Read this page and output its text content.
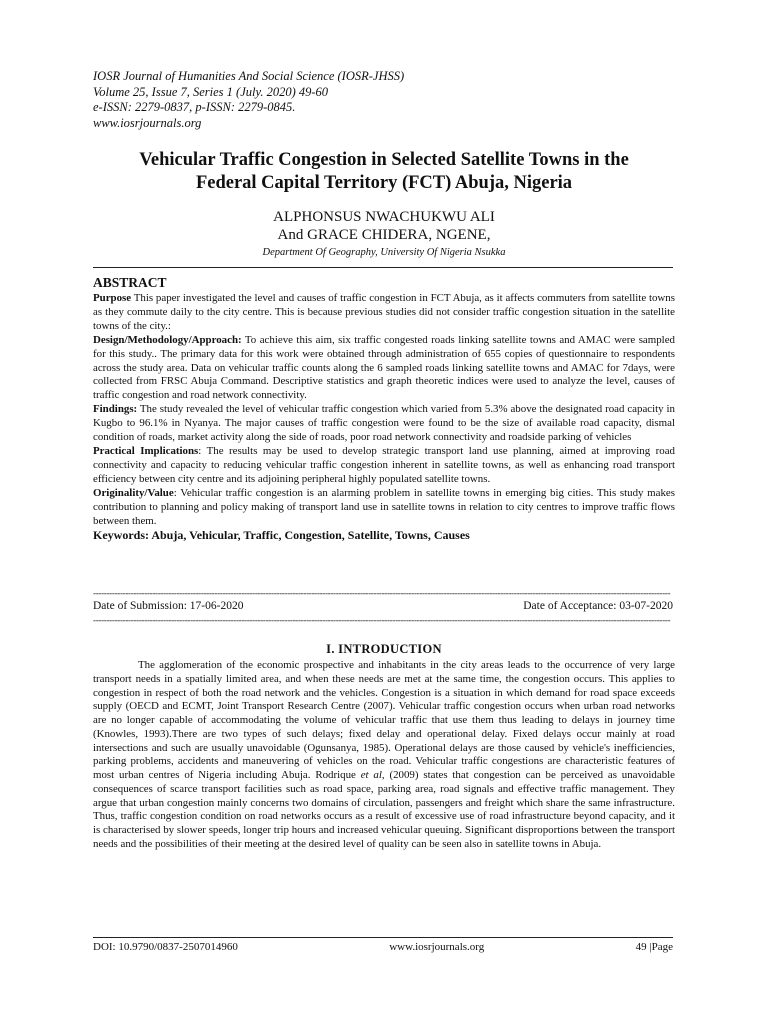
IOSR Journal of Humanities And Social Science (IOSR-JHSS)
Volume 25, Issue 7, Series 1 (July. 2020) 49-60
e-ISSN: 2279-0837, p-ISSN: 2279-0845.
www.iosrjournals.org
Vehicular Traffic Congestion in Selected Satellite Towns in the
Federal Capital Territory (FCT) Abuja, Nigeria
ALPHONSUS NWACHUKWU ALI
And GRACE CHIDERA, NGENE,
Department Of Geography, University Of Nigeria Nsukka
ABSTRACT

Purpose This paper investigated the level and causes of traffic congestion in FCT Abuja, as it affects commuters from satellite towns as they commute daily to the city centre. This is because previous studies did not consider traffic congestion situation in the satellite towns of the city.:

Design/Methodology/Approach: To achieve this aim, six traffic congested roads linking satellite towns and AMAC were sampled for this study.. The primary data for this work were obtained through administration of 655 copies of questionnaire to respondents across the study area. Data on vehicular traffic counts along the 6 sampled roads linking satellite towns and AMAC for 7days, were collected from FRSC Abuja Command. Descriptive statistics and graph theoretic indices were used to analyze the level, causes of traffic congestion and road network connectivity.

Findings: The study revealed the level of vehicular traffic congestion which varied from 5.3% above the designated road capacity in Kugbo to 96.1% in Nyanya. The major causes of traffic congestion were found to be the size of available road capacity, dismal condition of roads, market activity along the side of roads, poor road network connectivity and roadside parking of vehicles

Practical Implications: The results may be used to develop strategic transport land use planning, aimed at improving road connectivity and capacity to reducing vehicular traffic congestion inherent in satellite towns, as well as enhancing road transport efficiency between city centre and its adjoining peripheral highly populated satellite towns.

Originality/Value: Vehicular traffic congestion is an alarming problem in satellite towns in emerging big cities. This study makes contribution to planning and policy making of transport land use in satellite towns in relation to city centres to improve traffic flows between them.

Keywords: Abuja, Vehicular, Traffic, Congestion, Satellite, Towns, Causes

----------------------------------------------------------------------------------------------------------------------------------------------------------------------------------------------------------------------
Date of Submission: 17-06-2020	Date of Acceptance: 03-07-2020
----------------------------------------------------------------------------------------------------------------------------------------------------------------------------------------------------------------------
I. INTRODUCTION

The agglomeration of the economic prospective and inhabitants in the city areas leads to the occurrence of very large transport needs in a spatially limited area, and when these needs are met at the same time, the congestion occurs. This applies to congestion in respect of both the road network and the vehicles. Congestion is a situation in which demand for road space exceeds supply (OECD and ECMT, Joint Transport Research Centre (2007). Vehicular traffic congestion occurs when urban road networks are no longer capable of accommodating the volume of vehicular traffic that use them thus leading to delays in journey time (Knowles, 1993).There are two types of such delays; fixed delay and operational delay. Fixed delays occur mainly at road intersections and such are usually unavoidable (Ogunsanya, 1985). Operational delays are those caused by vehicle's inefficiencies, parking problems, accidents and maneuvering of vehicles on the road. Vehicular traffic congestions are characteristic features of most urban centres of Nigeria including Abuja. Rodrique et al, (2009) states that congestion can be perceived as unavoidable consequences of scarce transport facilities such as road space, parking area, road signals and effective traffic management. They argue that urban congestion mainly concerns two domains of circulation, passengers and freight which share the same infrastructure. Thus, traffic congestion condition on road networks occurs as a result of excessive use of road infrastructure beyond capacity, and it is characterised by slower speeds, longer trip hours and increased vehicular queuing. Significant disproportions between the transport needs and the possibilities of their meeting at the desired level of quality can be seen also in satellite towns in Abuja.

DOI: 10.9790/0837-2507014960	www.iosrjournals.org	49 |Page
